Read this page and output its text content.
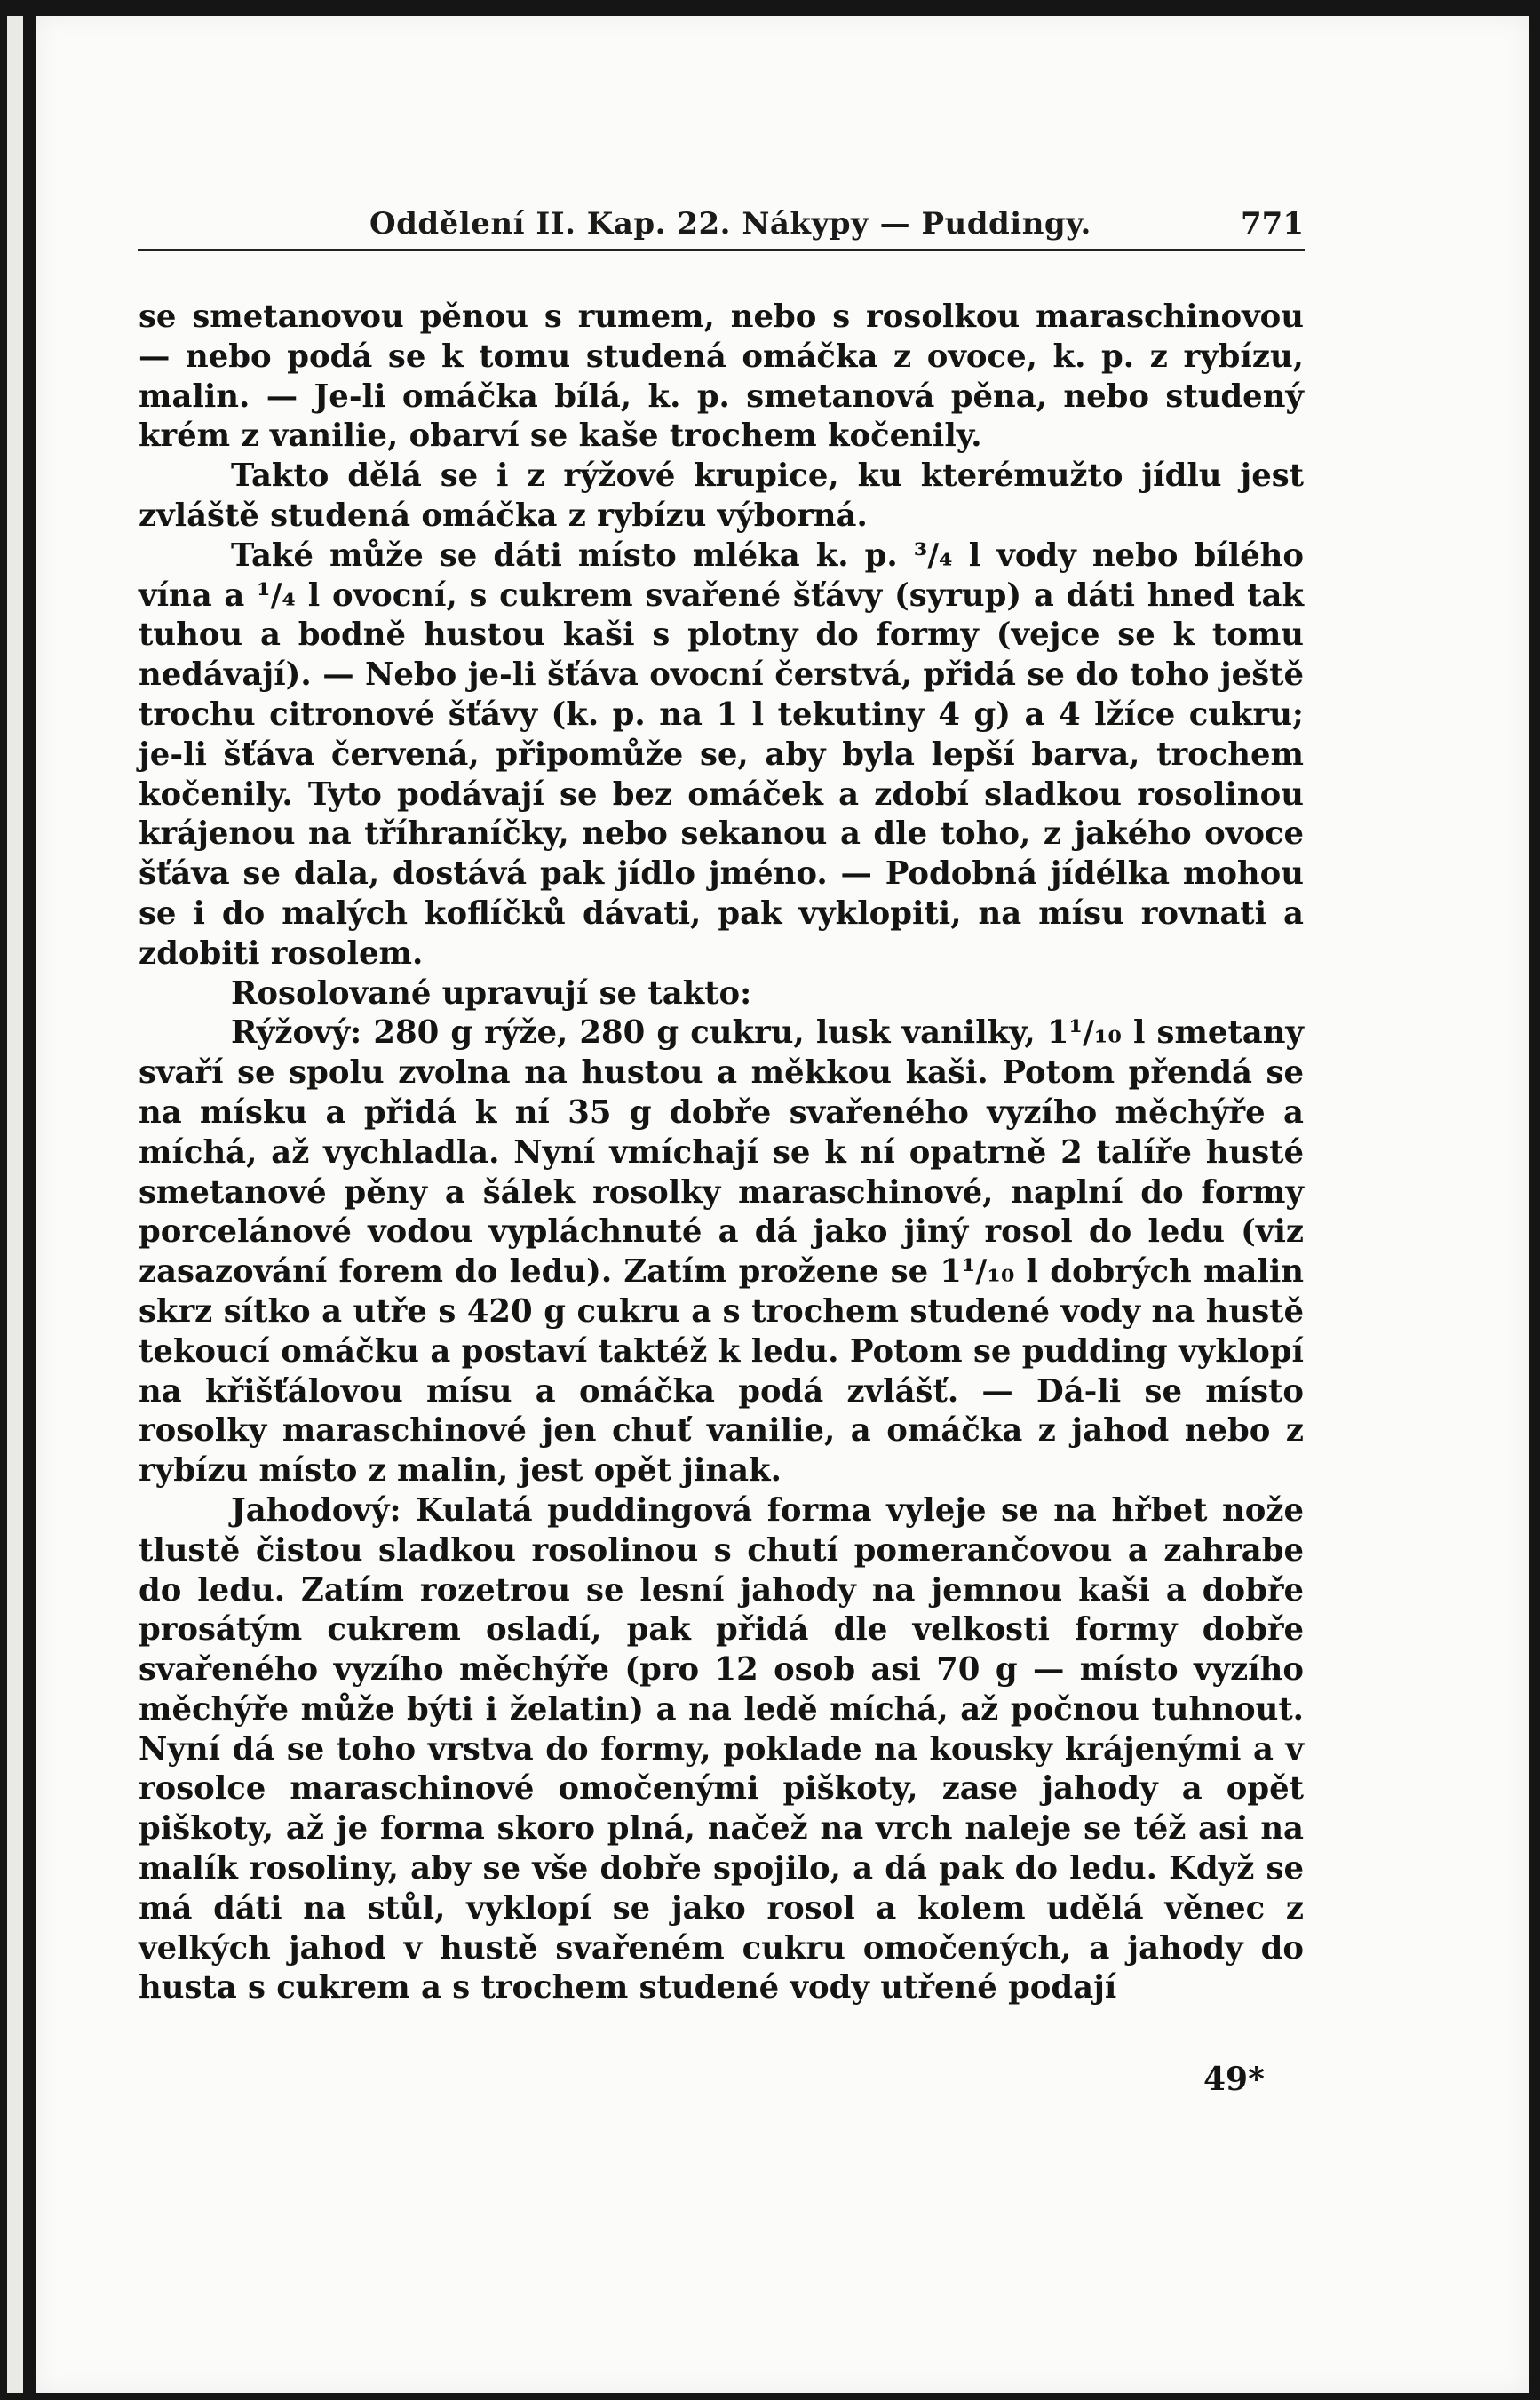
Oddělení II. Kap. 22. Nákypy — Puddingy.	771

se smetanovou pěnou s rumem, nebo s rosolkou maraschinovou — nebo podá se k tomu studená omáčka z ovoce, k. p. z rybízu, malin. — Je-li omáčka bílá, k. p. smetanová pěna, nebo studený krém z vanilie, obarví se kaše trochem kočenily.

Takto dělá se i z rýžové krupice, ku kterémužto jídlu jest zvláště studená omáčka z rybízu výborná.

Také může se dáti místo mléka k. p. ³/₄ l vody nebo bílého vína a ¹/₄ l ovocní, s cukrem svařené šťávy (syrup) a dáti hned tak tuhou a bodně hustou kaši s plotny do formy (vejce se k tomu nedávají). — Nebo je-li šťáva ovocní čerstvá, přidá se do toho ještě trochu citronové šťávy (k. p. na 1 l tekutiny 4 g) a 4 lžíce cukru; je-li šťáva červená, připomůže se, aby byla lepší barva, trochem kočenily. Tyto podávají se bez omáček a zdobí sladkou rosolinou krájenou na tříhraníčky, nebo sekanou a dle toho, z jakého ovoce šťáva se dala, dostává pak jídlo jméno. — Podobná jídélka mohou se i do malých koflíčků dávati, pak vyklopiti, na mísu rovnati a zdobiti rosolem.

Rosolované upravují se takto:

Rýžový: 280 g rýže, 280 g cukru, lusk vanilky, 1¹/₁₀ l smetany svaří se spolu zvolna na hustou a měkkou kaši. Potom přendá se na mísku a přidá k ní 35 g dobře svařeného vyzího měchýře a míchá, až vychladla. Nyní vmíchají se k ní opatrně 2 talíře husté smetanové pěny a šálek rosolky maraschinové, naplní do formy porcelánové vodou vypláchnuté a dá jako jiný rosol do ledu (viz zasazování forem do ledu). Zatím prožene se 1¹/₁₀ l dobrých malin skrz sítko a utře s 420 g cukru a s trochem studené vody na hustě tekoucí omáčku a postaví taktéž k ledu. Potom se pudding vyklopí na křišťálovou mísu a omáčka podá zvlášť. — Dá-li se místo rosolky maraschinové jen chuť vanilie, a omáčka z jahod nebo z rybízu místo z malin, jest opět jinak.

Jahodový: Kulatá puddingová forma vyleje se na hřbet nože tlustě čistou sladkou rosolinou s chutí pomerančovou a zahrabe do ledu. Zatím rozetrou se lesní jahody na jemnou kaši a dobře prosátým cukrem osladí, pak přidá dle velkosti formy dobře svařeného vyzího měchýře (pro 12 osob asi 70 g — místo vyzího měchýře může býti i želatin) a na ledě míchá, až počnou tuhnout. Nyní dá se toho vrstva do formy, poklade na kousky krájenými a v rosolce maraschinové omočenými piškoty, zase jahody a opět piškoty, až je forma skoro plná, načež na vrch naleje se též asi na malík rosoliny, aby se vše dobře spojilo, a dá pak do ledu. Když se má dáti na stůl, vyklopí se jako rosol a kolem udělá věnec z velkých jahod v hustě svařeném cukru omočených, a jahody do husta s cukrem a s trochem studené vody utřené podají

49*
